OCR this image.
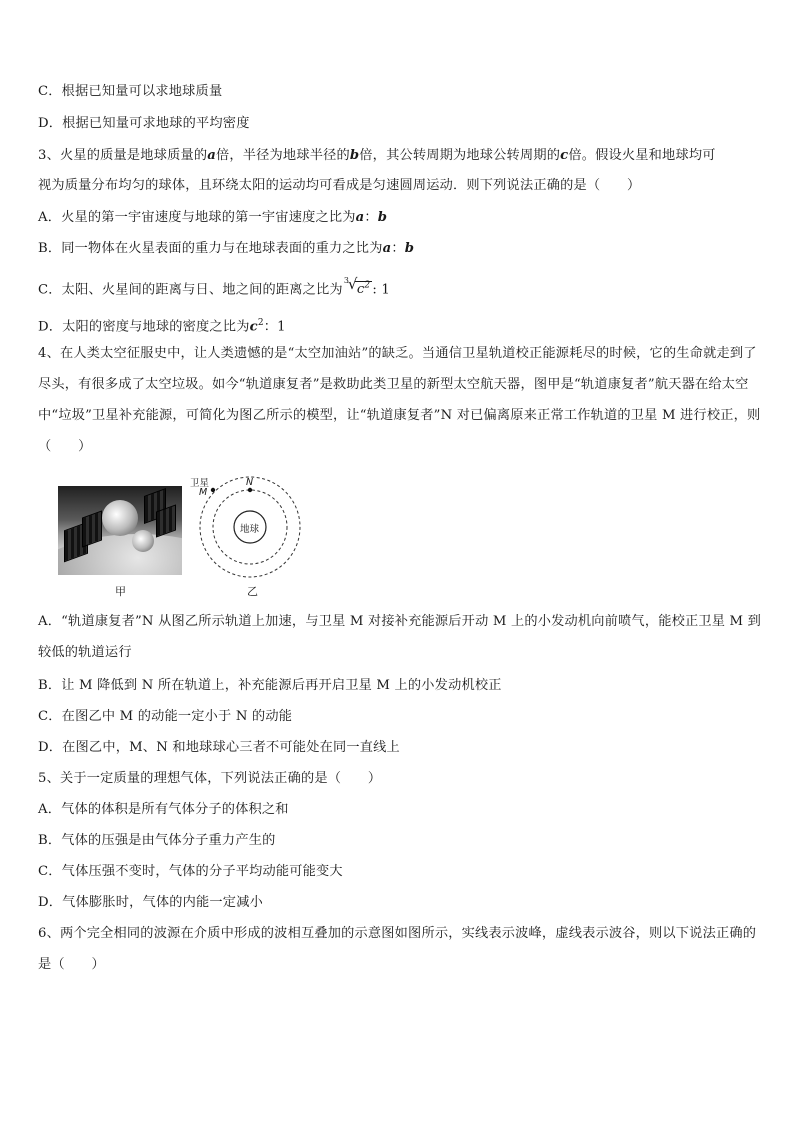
C．根据已知量可以求地球质量
D．根据已知量可求地球的平均密度
3、火星的质量是地球质量的a倍，半径为地球半径的b倍，其公转周期为地球公转周期的c倍。假设火星和地球均可
视为质量分布均匀的球体，且环绕太阳的运动均可看成是匀速圆周运动．则下列说法正确的是（　　）
A．火星的第一宇宙速度与地球的第一宇宙速度之比为a：b
B．同一物体在火星表面的重力与在地球表面的重力之比为a：b
C．太阳、火星间的距离与日、地之间的距离之比为
3
√ $c^2$ : 1
D．太阳的密度与地球的密度之比为$c^2$：1
4、在人类太空征服史中，让人类遗憾的是“太空加油站”的缺乏。当通信卫星轨道校正能源耗尽的时候，它的生命就走到了尽头，有很多成了太空垃圾。如今“轨道康复者”是救助此类卫星的新型太空航天器，图甲是“轨道康复者”航天器在给太空中“垃圾”卫星补充能源，可简化为图乙所示的模型，让“轨道康复者”N 对已偏离原来正常工作轨道的卫星 M 进行校正，则（　　）
甲
卫星
M
N
地球
乙
A．“轨道康复者”N 从图乙所示轨道上加速，与卫星 M 对接补充能源后开动 M 上的小发动机向前喷气，能校正卫星 M 到较低的轨道运行
B．让 M 降低到 N 所在轨道上，补充能源后再开启卫星 M 上的小发动机校正
C．在图乙中 M 的动能一定小于 N 的动能
D．在图乙中，M、N 和地球球心三者不可能处在同一直线上
5、关于一定质量的理想气体，下列说法正确的是（　　）
A．气体的体积是所有气体分子的体积之和
B．气体的压强是由气体分子重力产生的
C．气体压强不变时，气体的分子平均动能可能变大
D．气体膨胀时，气体的内能一定减小
6、两个完全相同的波源在介质中形成的波相互叠加的示意图如图所示，实线表示波峰，虚线表示波谷，则以下说法正确的是（　　）
